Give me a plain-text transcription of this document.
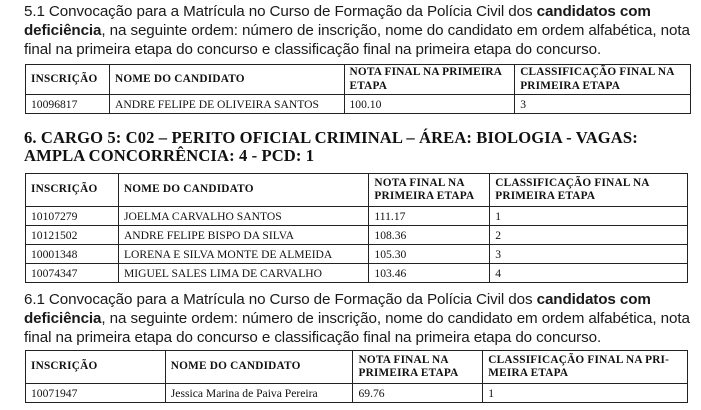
5.1 Convocação para a Matrícula no Curso de Formação da Polícia Civil dos candidatos com deficiência, na seguinte ordem: número de inscrição, nome do candidato em ordem alfabética, nota final na primeira etapa do concurso e classificação final na primeira etapa do concurso.
INSCRIÇÃO	NOME DO CANDIDATO	NOTA FINAL NA PRIMEIRA ETAPA	CLASSIFICAÇÃO FINAL NA PRIMEIRA ETAPA
10096817	ANDRE FELIPE DE OLIVEIRA SANTOS	100.10	3
6. CARGO 5: C02 – PERITO OFICIAL CRIMINAL – ÁREA: BIOLOGIA - VAGAS: AMPLA CONCORRÊNCIA: 4 - PCD: 1
INSCRIÇÃO	NOME DO CANDIDATO	NOTA FINAL NA PRIMEIRA ETAPA	CLASSIFICAÇÃO FINAL NA PRIMEIRA ETAPA
10107279	JOELMA CARVALHO SANTOS	111.17	1
10121502	ANDRE FELIPE BISPO DA SILVA	108.36	2
10001348	LORENA E SILVA MONTE DE ALMEIDA	105.30	3
10074347	MIGUEL SALES LIMA DE CARVALHO	103.46	4
6.1 Convocação para a Matrícula no Curso de Formação da Polícia Civil dos candidatos com deficiência, na seguinte ordem: número de inscrição, nome do candidato em ordem alfabética, nota final na primeira etapa do concurso e classificação final na primeira etapa do concurso.
INSCRIÇÃO	NOME DO CANDIDATO	NOTA FINAL NA PRIMEIRA ETAPA	CLASSIFICAÇÃO FINAL NA PRI-MEIRA ETAPA
10071947	Jessica Marina de Paiva Pereira	69.76	1
